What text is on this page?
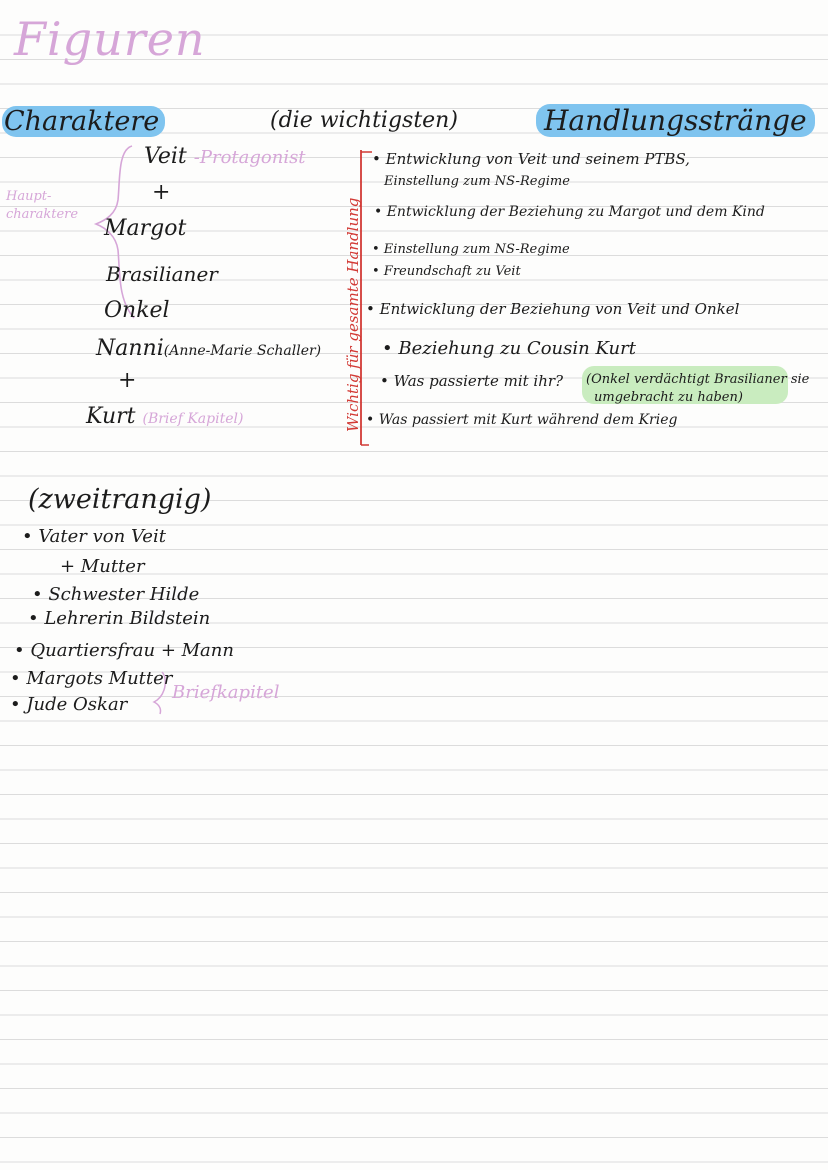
Figuren
Charaktere	(die wichtigsten)	Handlungsstränge
Haupt-charaktere
Veit -Protagonist
+
Margot
Brasilianer
Onkel
Nanni(Anne-Marie Schaller)
+
Kurt (Brief Kapitel)	Wichtig für gesamte Handlung
• Entwicklung von Veit und seinem PTBS,
Einstellung zum NS-Regime
• Entwicklung der Beziehung zu Margot und dem Kind
• Einstellung zum NS-Regime
• Freundschaft zu Veit
• Entwicklung der Beziehung von Veit und Onkel
• Beziehung zu Cousin Kurt
• Was passierte mit ihr? (Onkel verdächtigt Brasilianer sie
umgebracht zu haben)
• Was passiert mit Kurt während dem Krieg
(zweitrangig)
• Vater von Veit
+ Mutter
• Schwester Hilde
• Lehrerin Bildstein
• Quartiersfrau + Mann
• Margots Mutter
• Jude Oskar
Briefkapitel
